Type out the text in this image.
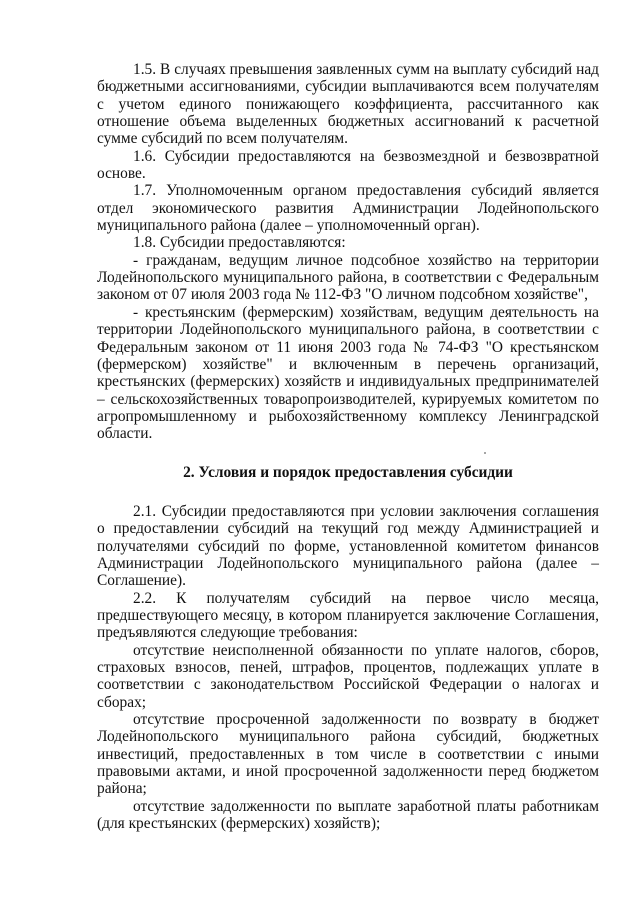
1.5. В случаях превышения заявленных сумм на выплату субсидий над бюджетными ассигнованиями, субсидии выплачиваются всем получателям с учетом единого понижающего коэффициента, рассчитанного как отношение объема выделенных бюджетных ассигнований к расчетной сумме субсидий по всем получателям.

1.6. Субсидии предоставляются на безвозмездной и безвозвратной основе.

1.7. Уполномоченным органом предоставления субсидий является отдел экономического развития Администрации Лодейнопольского муниципального района (далее – уполномоченный орган).

1.8. Субсидии предоставляются:

- гражданам, ведущим личное подсобное хозяйство на территории Лодейнопольского муниципального района, в соответствии с Федеральным законом от 07 июля 2003 года № 112-ФЗ "О личном подсобном хозяйстве",

- крестьянским (фермерским) хозяйствам, ведущим деятельность на территории Лодейнопольского муниципального района, в соответствии с Федеральным законом от 11 июня 2003 года № 74-ФЗ "О крестьянском (фермерском) хозяйстве" и включенным в перечень организаций, крестьянских (фермерских) хозяйств и индивидуальных предпринимателей – сельскохозяйственных товаропроизводителей, курируемых комитетом по агропромышленному и рыбохозяйственному комплексу Ленинградской области.

2. Условия и порядок предоставления субсидии

2.1. Субсидии предоставляются при условии заключения соглашения о предоставлении субсидий на текущий год между Администрацией и получателями субсидий по форме, установленной комитетом финансов Администрации Лодейнопольского муниципального района (далее – Соглашение).

2.2. К получателям субсидий на первое число месяца, предшествующего месяцу, в котором планируется заключение Соглашения, предъявляются следующие требования:

отсутствие неисполненной обязанности по уплате налогов, сборов, страховых взносов, пеней, штрафов, процентов, подлежащих уплате в соответствии с законодательством Российской Федерации о налогах и сборах;

отсутствие просроченной задолженности по возврату в бюджет Лодейнопольского муниципального района субсидий, бюджетных инвестиций, предоставленных в том числе в соответствии с иными правовыми актами, и иной просроченной задолженности перед бюджетом района;

отсутствие задолженности по выплате заработной платы работникам (для крестьянских (фермерских) хозяйств);
